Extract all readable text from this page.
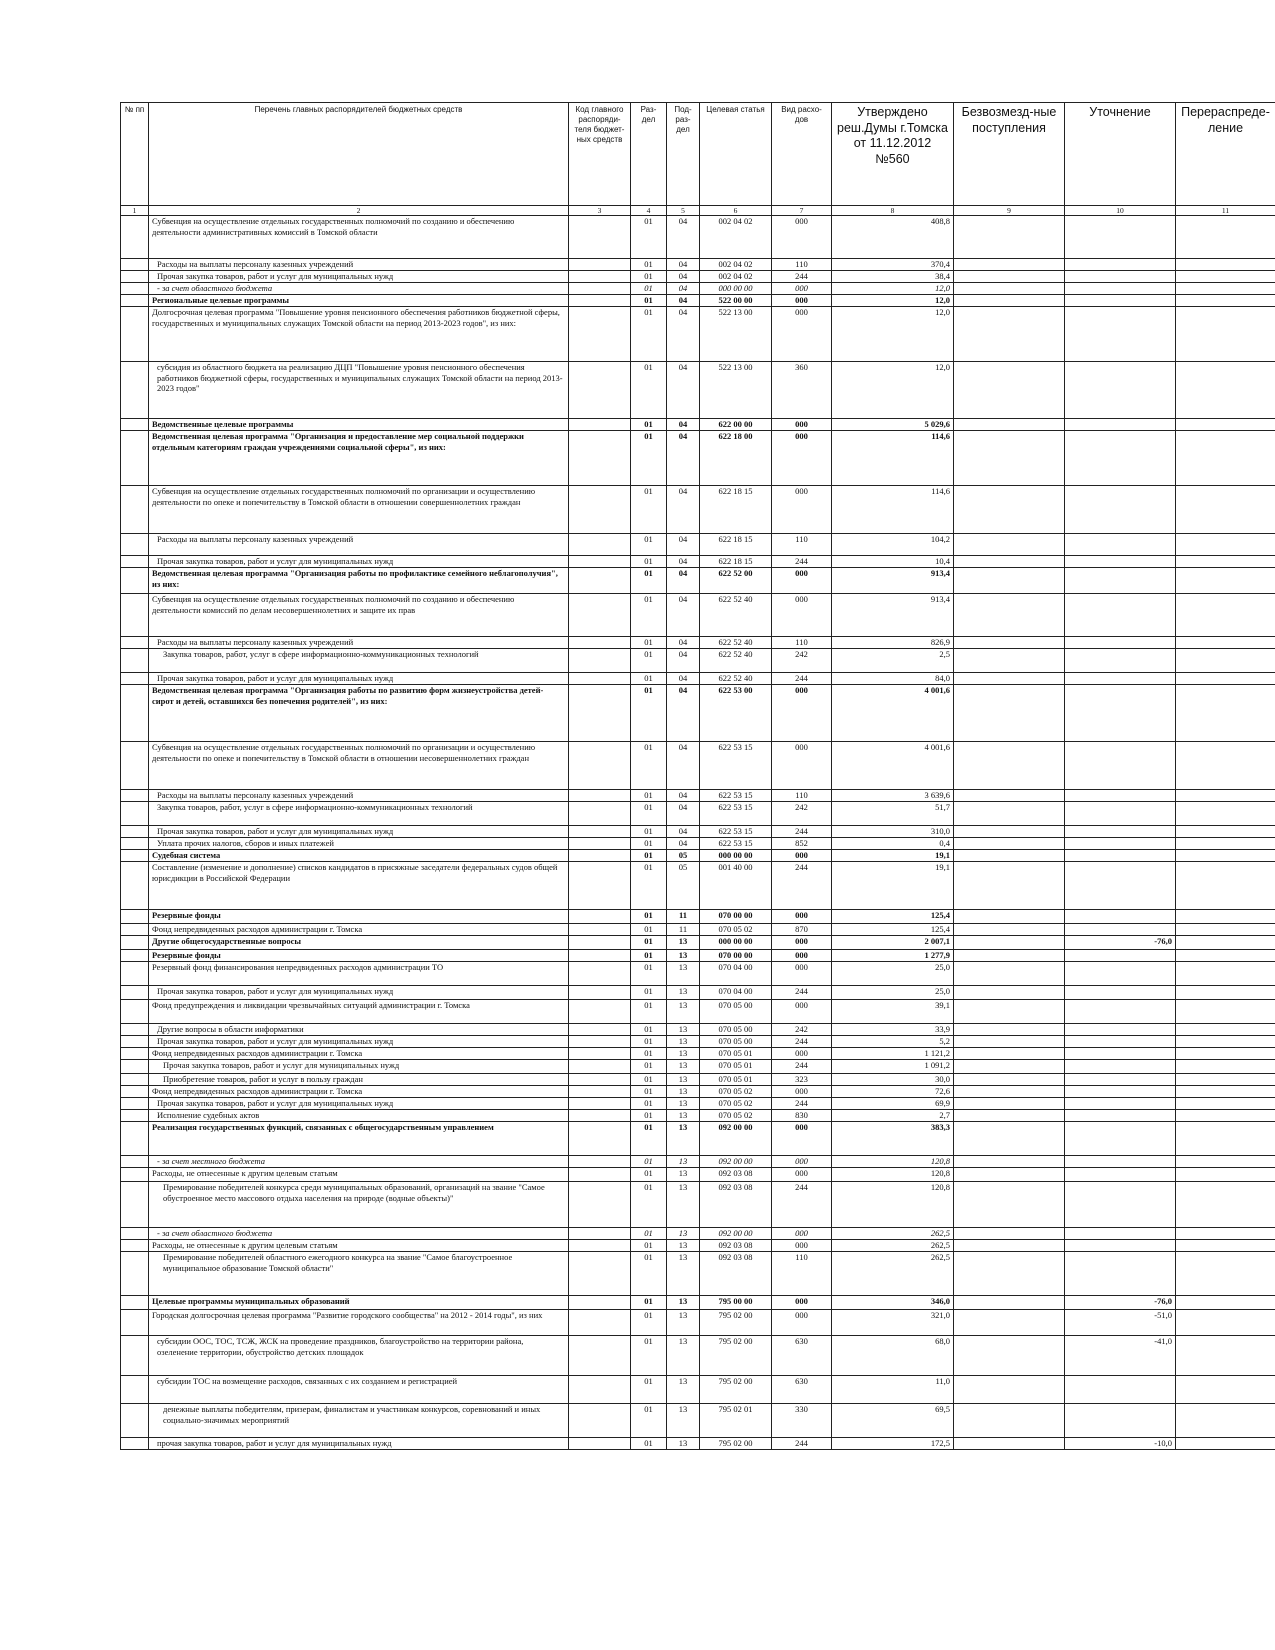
№ пп	Перечень главных распорядителей бюджетных средств	Код главного распоряди-теля бюджет-ных средств	Раз-дел	Под-раз-дел	Целевая статья	Вид расхо-дов	Утверждено реш.Думы г.Томска от 11.12.2012 №560	Безвозмезд-ные поступления	Уточнение	Перераспреде-ление
1	2	3	4	5	6	7	8	9	10	11
	Субвенция на осуществление отдельных государственных полномочий по созданию и обеспечению деятельности административных комиссий в Томской области		01	04	002 04 02	000	408,8			
	Расходы на выплаты персоналу казенных учреждений		01	04	002 04 02	110	370,4			
	Прочая закупка товаров, работ и услуг для муниципальных нужд		01	04	002 04 02	244	38,4			
	- за счет областного бюджета		01	04	000 00 00	000	12,0			
	Региональные целевые программы		01	04	522 00 00	000	12,0			
	Долгосрочная целевая программа "Повышение уровня пенсионного обеспечения работников бюджетной сферы, государственных и муниципальных служащих Томской области на период 2013-2023 годов", из них:		01	04	522 13 00	000	12,0			
	субсидия из областного бюджета на реализацию ДЦП "Повышение уровня пенсионного обеспечения работников бюджетной сферы, государственных и муниципальных служащих Томской области на период 2013-2023 годов"		01	04	522 13 00	360	12,0			
	Ведомственные целевые программы		01	04	622 00 00	000	5 029,6			
	Ведомственная целевая программа "Организация и предоставление мер социальной поддержки отдельным категориям граждан учреждениями социальной сферы", из них:		01	04	622 18 00	000	114,6			
	Субвенция на осуществление отдельных государственных полномочий по организации и осуществлению деятельности по опеке и попечительству в Томской области в отношении совершеннолетних граждан		01	04	622 18 15	000	114,6			
	Расходы на выплаты персоналу казенных учреждений		01	04	622 18 15	110	104,2			
	Прочая закупка товаров, работ и услуг для муниципальных нужд		01	04	622 18 15	244	10,4			
	Ведомственная целевая программа "Организация работы по профилактике семейного неблагополучия", из них:		01	04	622 52 00	000	913,4			
	Субвенция на осуществление отдельных государственных полномочий по созданию и обеспечению деятельности комиссий по делам несовершеннолетних и защите их прав		01	04	622 52 40	000	913,4			
	Расходы на выплаты персоналу казенных учреждений		01	04	622 52 40	110	826,9			
	Закупка товаров, работ, услуг в сфере информационно-коммуникационных технологий		01	04	622 52 40	242	2,5			
	Прочая закупка товаров, работ и услуг для муниципальных нужд		01	04	622 52 40	244	84,0			
	Ведомственная целевая программа "Организация работы по развитию форм жизнеустройства детей-сирот и детей, оставшихся без попечения родителей", из них:		01	04	622 53 00	000	4 001,6			
	Субвенция на осуществление отдельных государственных полномочий по организации и осуществлению деятельности по опеке и попечительству в Томской области в отношении несовершеннолетних граждан		01	04	622 53 15	000	4 001,6			
	Расходы на выплаты персоналу казенных учреждений		01	04	622 53 15	110	3 639,6			
	Закупка товаров, работ, услуг в сфере информационно-коммуникационных технологий		01	04	622 53 15	242	51,7			
	Прочая закупка товаров, работ и услуг для муниципальных нужд		01	04	622 53 15	244	310,0			
	Уплата прочих налогов, сборов и иных платежей		01	04	622 53 15	852	0,4			
	Судебная система		01	05	000 00 00	000	19,1			
	Составление (изменение и дополнение) списков кандидатов в присяжные заседатели федеральных судов общей юрисдикции в Российской Федерации		01	05	001 40 00	244	19,1			
	Резервные фонды		01	11	070 00 00	000	125,4			
	Фонд непредвиденных расходов администрации г. Томска		01	11	070 05 02	870	125,4			
	Другие общегосударственные вопросы		01	13	000 00 00	000	2 007,1		-76,0	
	Резервные фонды		01	13	070 00 00	000	1 277,9			
	Резервный фонд финансирования непредвиденных расходов администрации ТО		01	13	070 04 00	000	25,0			
	Прочая закупка товаров, работ и услуг для муниципальных нужд		01	13	070 04 00	244	25,0			
	Фонд предупреждения и ликвидации чрезвычайных ситуаций администрации г. Томска		01	13	070 05 00	000	39,1			
	Другие вопросы в области информатики		01	13	070 05 00	242	33,9			
	Прочая закупка товаров, работ и услуг для муниципальных нужд		01	13	070 05 00	244	5,2			
	Фонд непредвиденных расходов администрации г. Томска		01	13	070 05 01	000	1 121,2			
	Прочая закупка товаров, работ и услуг для муниципальных нужд		01	13	070 05 01	244	1 091,2			
	Приобретение товаров, работ и услуг в пользу граждан		01	13	070 05 01	323	30,0			
	Фонд непредвиденных расходов администрации г. Томска		01	13	070 05 02	000	72,6			
	Прочая закупка товаров, работ и услуг для муниципальных нужд		01	13	070 05 02	244	69,9			
	Исполнение судебных актов		01	13	070 05 02	830	2,7			
	Реализация государственных функций, связанных с общегосударственным управлением		01	13	092 00 00	000	383,3			
	- за счет местного бюджета		01	13	092 00 00	000	120,8			
	Расходы, не отнесенные к другим целевым статьям		01	13	092 03 08	000	120,8			
	Премирование победителей конкурса среди муниципальных образований, организаций на звание "Самое обустроенное место массового отдыха населения на природе (водные объекты)"		01	13	092 03 08	244	120,8			
	- за счет областного бюджета		01	13	092 00 00	000	262,5			
	Расходы, не отнесенные к другим целевым статьям		01	13	092 03 08	000	262,5			
	Премирование победителей областного ежегодного конкурса на звание "Самое благоустроенное муниципальное образование Томской области"		01	13	092 03 08	110	262,5			
	Целевые программы муниципальных образований		01	13	795 00 00	000	346,0		-76,0	
	Городская долгосрочная целевая программа "Развитие городского сообщества" на 2012 - 2014 годы", из них		01	13	795 02 00	000	321,0		-51,0	
	субсидии ООС, ТОС, ТСЖ, ЖСК на проведение праздников, благоустройство на территории района, озеленение территории, обустройство детских площадок		01	13	795 02 00	630	68,0		-41,0	
	субсидии ТОС на возмещение расходов, связанных с их созданием и регистрацией		01	13	795 02 00	630	11,0			
	денежные выплаты победителям, призерам, финалистам и участникам конкурсов, соревнований и иных социально-значимых мероприятий		01	13	795 02 01	330	69,5			
	прочая закупка товаров, работ и услуг для муниципальных нужд		01	13	795 02 00	244	172,5		-10,0	
